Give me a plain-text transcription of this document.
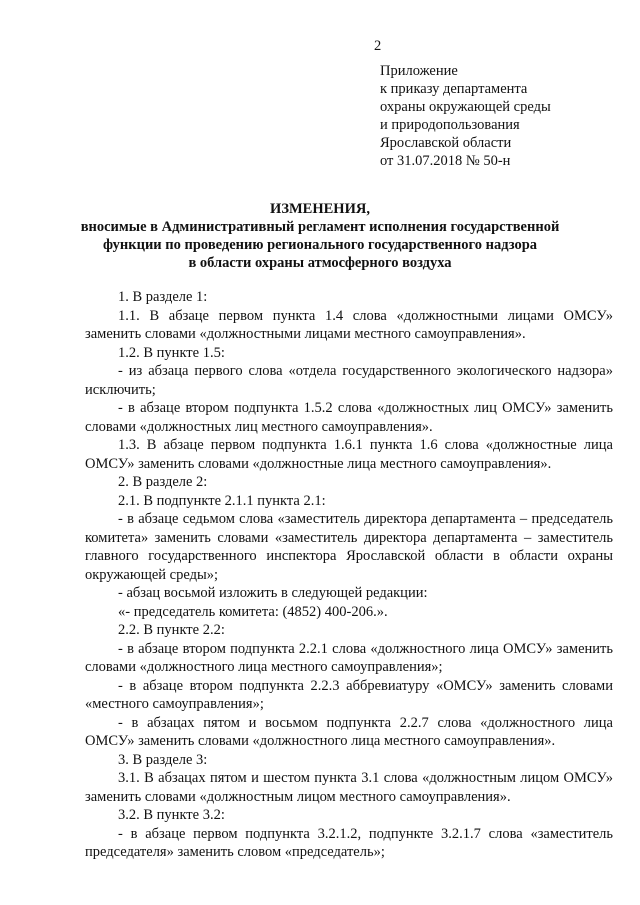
2
Приложение
к приказу департамента
охраны окружающей среды
и природопользования
Ярославской области
от 31.07.2018 № 50-н
ИЗМЕНЕНИЯ,
вносимые в Административный регламент исполнения государственной
функции по проведению регионального государственного надзора
в области охраны атмосферного воздуха

1. В разделе 1:

1.1. В абзаце первом пункта 1.4 слова «должностными лицами ОМСУ» заменить словами «должностными лицами местного самоуправления».

1.2. В пункте 1.5:

- из абзаца первого слова «отдела государственного экологического надзора» исключить;

- в абзаце втором подпункта 1.5.2 слова «должностных лиц ОМСУ» заменить словами «должностных лиц местного самоуправления».

1.3. В абзаце первом подпункта 1.6.1 пункта 1.6 слова «должностные лица ОМСУ» заменить словами «должностные лица местного самоуправления».

2. В разделе 2:

2.1. В подпункте 2.1.1 пункта 2.1:

- в абзаце седьмом слова «заместитель директора департамента – председатель комитета» заменить словами «заместитель директора департамента – заместитель главного государственного инспектора Ярославской области в области охраны окружающей среды»;

- абзац восьмой изложить в следующей редакции:

«- председатель комитета: (4852) 400-206.».

2.2. В пункте 2.2:

- в абзаце втором подпункта 2.2.1 слова «должностного лица ОМСУ» заменить словами «должностного лица местного самоуправления»;

- в абзаце втором подпункта 2.2.3 аббревиатуру «ОМСУ» заменить словами «местного самоуправления»;

- в абзацах пятом и восьмом подпункта 2.2.7 слова «должностного лица ОМСУ» заменить словами «должностного лица местного самоуправления».

3. В разделе 3:

3.1. В абзацах пятом и шестом пункта 3.1 слова «должностным лицом ОМСУ» заменить словами «должностным лицом местного самоуправления».

3.2. В пункте 3.2:

- в абзаце первом подпункта 3.2.1.2, подпункте 3.2.1.7 слова «заместитель председателя» заменить словом «председатель»;
